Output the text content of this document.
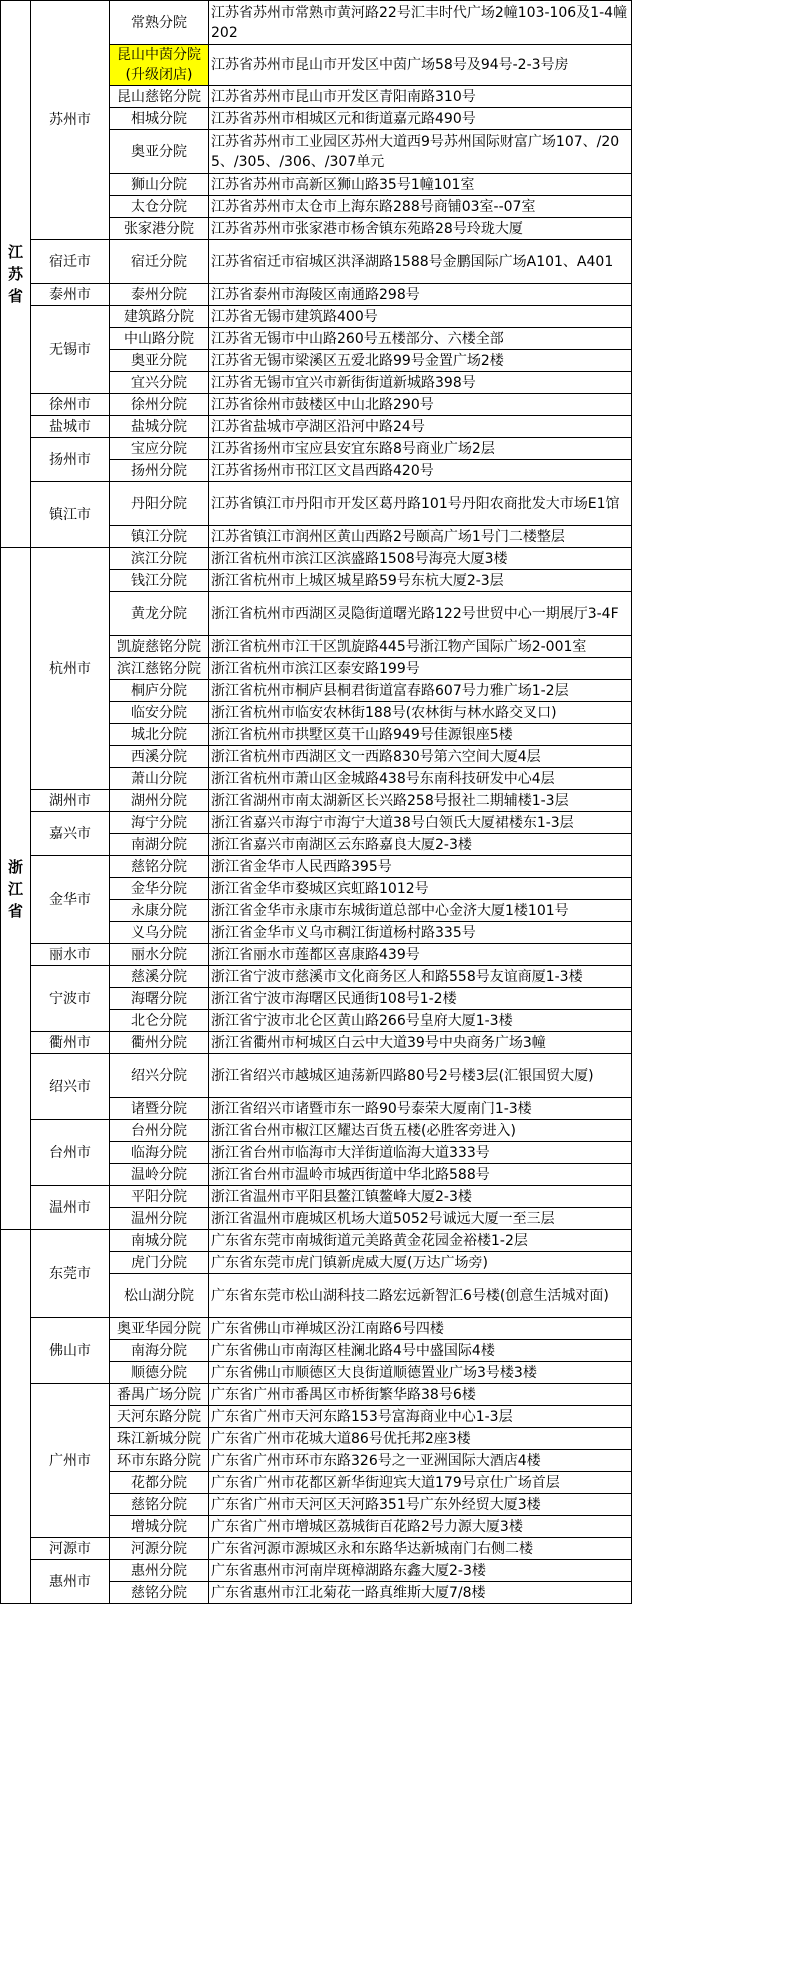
江苏省	苏州市	常熟分院	江苏省苏州市常熟市黄河路22号汇丰时代广场2幢103-106及1-4幢202
		昆山中茵分院(升级闭店)	江苏省苏州市昆山市开发区中茵广场58号及94号-2-3号房
		昆山慈铭分院	江苏省苏州市昆山市开发区青阳南路310号
		相城分院	江苏省苏州市相城区元和街道嘉元路490号
		奥亚分院	江苏省苏州市工业园区苏州大道西9号苏州国际财富广场107、/205、/305、/306、/307单元
		狮山分院	江苏省苏州市高新区狮山路35号1幢101室
		太仓分院	江苏省苏州市太仓市上海东路288号商铺03室--07室
		张家港分院	江苏省苏州市张家港市杨舍镇东苑路28号玲珑大厦
	宿迁市	宿迁分院	江苏省宿迁市宿城区洪泽湖路1588号金鹏国际广场A101、A401
	泰州市	泰州分院	江苏省泰州市海陵区南通路298号
	无锡市	建筑路分院	江苏省无锡市建筑路400号
		中山路分院	江苏省无锡市中山路260号五楼部分、六楼全部
		奥亚分院	江苏省无锡市梁溪区五爱北路99号金置广场2楼
		宜兴分院	江苏省无锡市宜兴市新街街道新城路398号
	徐州市	徐州分院	江苏省徐州市鼓楼区中山北路290号
	盐城市	盐城分院	江苏省盐城市亭湖区沿河中路24号
	扬州市	宝应分院	江苏省扬州市宝应县安宜东路8号商业广场2层
		扬州分院	江苏省扬州市邗江区文昌西路420号
	镇江市	丹阳分院	江苏省镇江市丹阳市开发区葛丹路101号丹阳农商批发大市场E1馆
		镇江分院	江苏省镇江市润州区黄山西路2号颐高广场1号门二楼整层
浙江省	杭州市	滨江分院	浙江省杭州市滨江区滨盛路1508号海亮大厦3楼
		钱江分院	浙江省杭州市上城区城星路59号东杭大厦2-3层
		黄龙分院	浙江省杭州市西湖区灵隐街道曙光路122号世贸中心一期展厅3-4F
		凯旋慈铭分院	浙江省杭州市江干区凯旋路445号浙江物产国际广场2-001室
		滨江慈铭分院	浙江省杭州市滨江区泰安路199号
		桐庐分院	浙江省杭州市桐庐县桐君街道富春路607号力雅广场1-2层
		临安分院	浙江省杭州市临安农林街188号(农林街与林水路交叉口)
		城北分院	浙江省杭州市拱墅区莫干山路949号佳源银座5楼
		西溪分院	浙江省杭州市西湖区文一西路830号第六空间大厦4层
		萧山分院	浙江省杭州市萧山区金城路438号东南科技研发中心4层
	湖州市	湖州分院	浙江省湖州市南太湖新区长兴路258号报社二期辅楼1-3层
	嘉兴市	海宁分院	浙江省嘉兴市海宁市海宁大道38号白领氏大厦裙楼东1-3层
		南湖分院	浙江省嘉兴市南湖区云东路嘉良大厦2-3楼
	金华市	慈铭分院	浙江省金华市人民西路395号
		金华分院	浙江省金华市婺城区宾虹路1012号
		永康分院	浙江省金华市永康市东城街道总部中心金济大厦1楼101号
		义乌分院	浙江省金华市义乌市稠江街道杨村路335号
	丽水市	丽水分院	浙江省丽水市莲都区喜康路439号
	宁波市	慈溪分院	浙江省宁波市慈溪市文化商务区人和路558号友谊商厦1-3楼
		海曙分院	浙江省宁波市海曙区民通街108号1-2楼
		北仑分院	浙江省宁波市北仑区黄山路266号皇府大厦1-3楼
	衢州市	衢州分院	浙江省衢州市柯城区白云中大道39号中央商务广场3幢
	绍兴市	绍兴分院	浙江省绍兴市越城区迪荡新四路80号2号楼3层(汇银国贸大厦)
		诸暨分院	浙江省绍兴市诸暨市东一路90号泰荣大厦南门1-3楼
	台州市	台州分院	浙江省台州市椒江区耀达百货五楼(必胜客旁进入)
		临海分院	浙江省台州市临海市大洋街道临海大道333号
		温岭分院	浙江省台州市温岭市城西街道中华北路588号
	温州市	平阳分院	浙江省温州市平阳县鳌江镇鳌峰大厦2-3楼
		温州分院	浙江省温州市鹿城区机场大道5052号诚远大厦一至三层
	东莞市	南城分院	广东省东莞市南城街道元美路黄金花园金裕楼1-2层
		虎门分院	广东省东莞市虎门镇新虎威大厦(万达广场旁)
		松山湖分院	广东省东莞市松山湖科技二路宏远新智汇6号楼(创意生活城对面)
	佛山市	奥亚华园分院	广东省佛山市禅城区汾江南路6号四楼
		南海分院	广东省佛山市南海区桂澜北路4号中盛国际4楼
		顺德分院	广东省佛山市顺德区大良街道顺德置业广场3号楼3楼
	广州市	番禺广场分院	广东省广州市番禺区市桥街繁华路38号6楼
		天河东路分院	广东省广州市天河东路153号富海商业中心1-3层
		珠江新城分院	广东省广州市花城大道86号优托邦2座3楼
		环市东路分院	广东省广州市环市东路326号之一亚洲国际大酒店4楼
		花都分院	广东省广州市花都区新华街迎宾大道179号京仕广场首层
		慈铭分院	广东省广州市天河区天河路351号广东外经贸大厦3楼
		增城分院	广东省广州市增城区荔城街百花路2号力源大厦3楼
	河源市	河源分院	广东省河源市源城区永和东路华达新城南门右侧二楼
	惠州市	惠州分院	广东省惠州市河南岸斑樟湖路东鑫大厦2-3楼
		慈铭分院	广东省惠州市江北菊花一路真维斯大厦7/8楼
